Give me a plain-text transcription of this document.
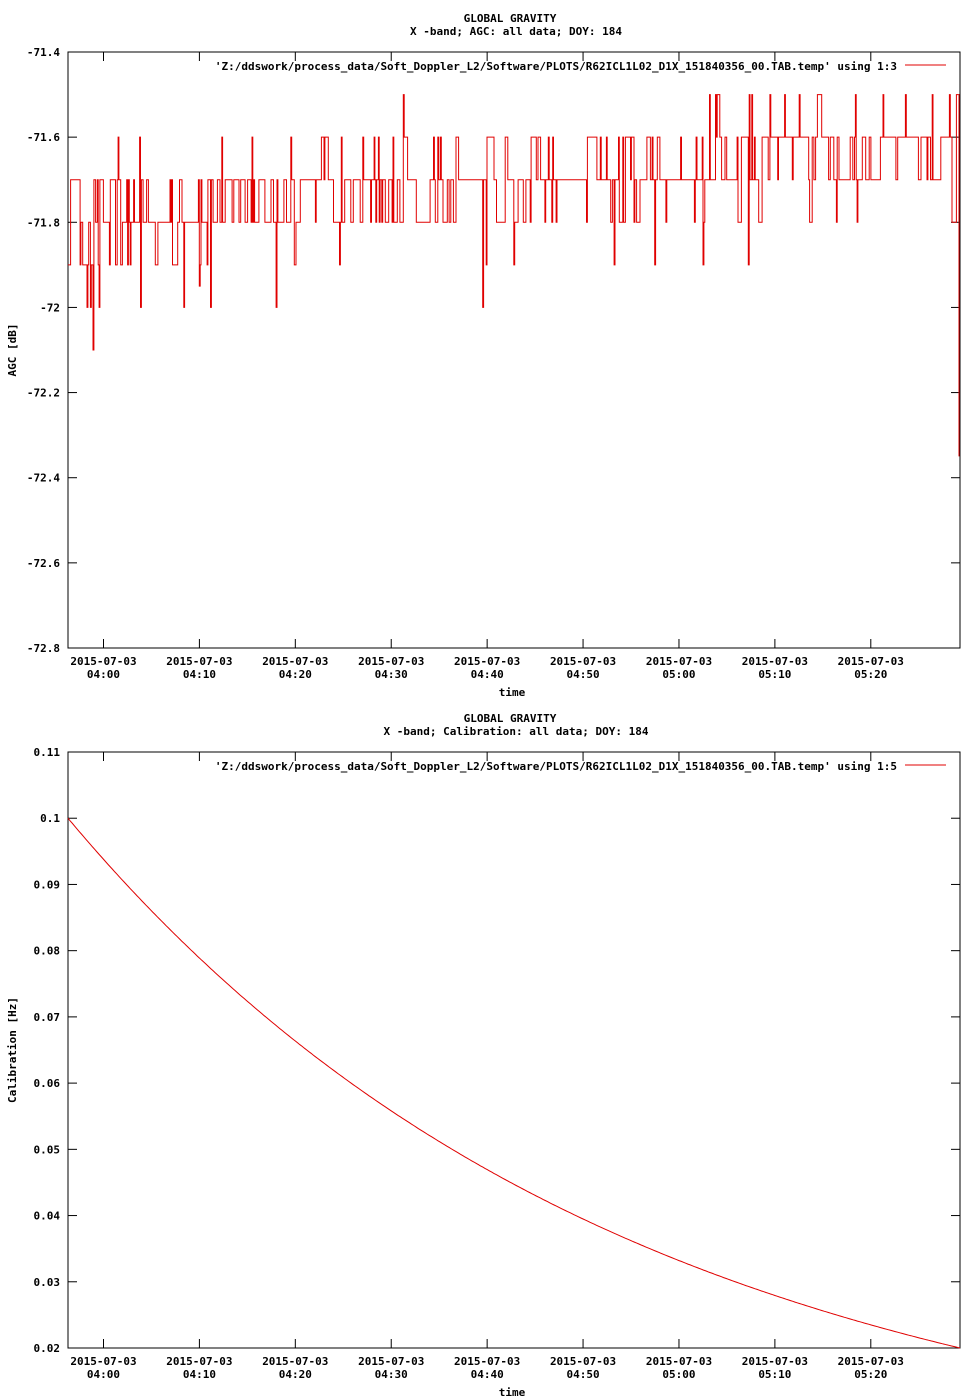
GLOBAL GRAVITY
X -band; AGC: all data; DOY: 184
-71.4
-71.6
-71.8
-72
-72.2
-72.4
-72.6
-72.8
2015-07-03
04:00
2015-07-03
04:10
2015-07-03
04:20
2015-07-03
04:30
2015-07-03
04:40
2015-07-03
04:50
2015-07-03
05:00
2015-07-03
05:10
2015-07-03
05:20
time
AGC [dB]
'Z:/ddswork/process_data/Soft_Doppler_L2/Software/PLOTS/R62ICL1L02_D1X_151840356_00.TAB.temp' using 1:3
GLOBAL GRAVITY
X -band; Calibration: all data; DOY: 184
0.11
0.1
0.09
0.08
0.07
0.06
0.05
0.04
0.03
0.02
2015-07-03
04:00
2015-07-03
04:10
2015-07-03
04:20
2015-07-03
04:30
2015-07-03
04:40
2015-07-03
04:50
2015-07-03
05:00
2015-07-03
05:10
2015-07-03
05:20
time
Calibration [Hz]
'Z:/ddswork/process_data/Soft_Doppler_L2/Software/PLOTS/R62ICL1L02_D1X_151840356_00.TAB.temp' using 1:5
